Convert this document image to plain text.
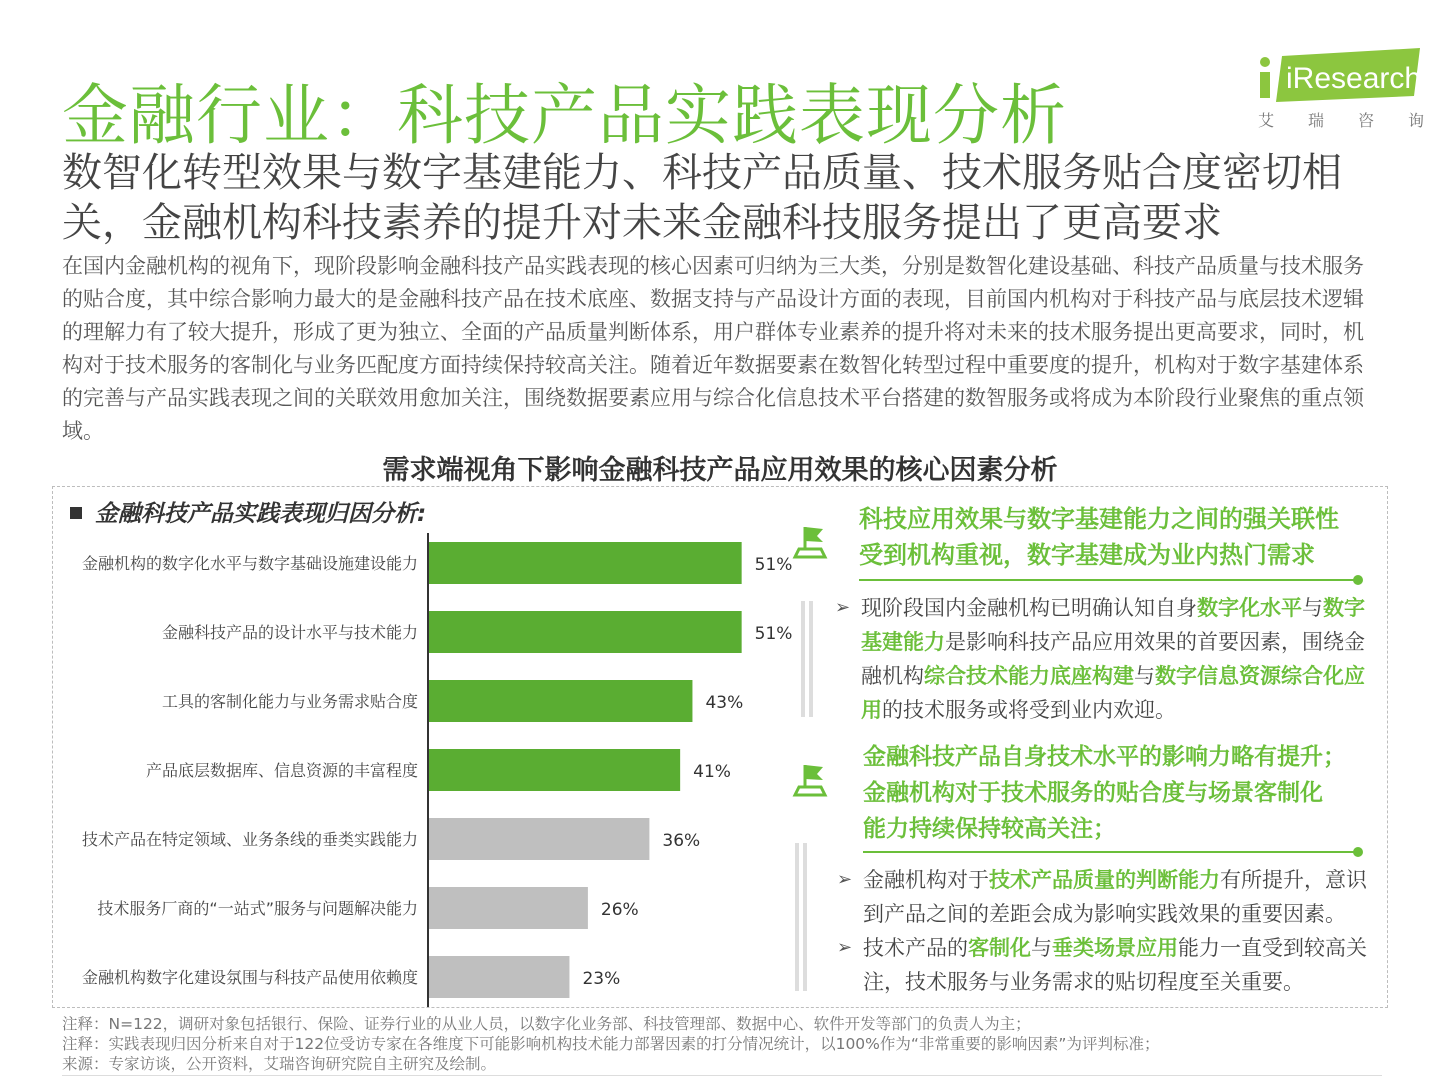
金融行业：科技产品实践表现分析	iResearch
艾 瑞 咨 询
数智化转型效果与数字基建能力、科技产品质量、技术服务贴合度密切相关，金融机构科技素养的提升对未来金融科技服务提出了更高要求

在国内金融机构的视角下，现阶段影响金融科技产品实践表现的核心因素可归纳为三大类，分别是数智化建设基础、科技产品质量与技术服务的贴合度，其中综合影响力最大的是金融科技产品在技术底座、数据支持与产品设计方面的表现，目前国内机构对于科技产品与底层技术逻辑的理解力有了较大提升，形成了更为独立、全面的产品质量判断体系，用户群体专业素养的提升将对未来的技术服务提出更高要求，同时，机构对于技术服务的客制化与业务匹配度方面持续保持较高关注。随着近年数据要素在数智化转型过程中重要度的提升，机构对于数字基建体系的完善与产品实践表现之间的关联效用愈加关注，围绕数据要素应用与综合化信息技术平台搭建的数智服务或将成为本阶段行业聚焦的重点领域。

需求端视角下影响金融科技产品应用效果的核心因素分析
金融科技产品实践表现归因分析:
金融机构的数字化水平与数字基础设施建设能力	51%
金融科技产品的设计水平与技术能力	51%
工具的客制化能力与业务需求贴合度	43%
产品底层数据库、信息资源的丰富程度	41%
技术产品在特定领域、业务条线的垂类实践能力	36%
技术服务厂商的“一站式”服务与问题解决能力	26%
金融机构数字化建设氛围与科技产品使用依赖度	23%
科技应用效果与数字基建能力之间的强关联性
受到机构重视，数字基建成为业内热门需求
➢ 现阶段国内金融机构已明确认知自身数字化水平与数字基建能力是影响科技产品应用效果的首要因素，围绕金融机构综合技术能力底座构建与数字信息资源综合化应用的技术服务或将受到业内欢迎。
金融科技产品自身技术水平的影响力略有提升；
金融机构对于技术服务的贴合度与场景客制化
能力持续保持较高关注；
➢ 金融机构对于技术产品质量的判断能力有所提升，意识到产品之间的差距会成为影响实践效果的重要因素。
➢ 技术产品的客制化与垂类场景应用能力一直受到较高关注，技术服务与业务需求的贴切程度至关重要。
注释：N=122，调研对象包括银行、保险、证券行业的从业人员，以数字化业务部、科技管理部、数据中心、软件开发等部门的负责人为主；
注释：实践表现归因分析来自对于122位受访专家在各维度下可能影响机构技术能力部署因素的打分情况统计，以100%作为“非常重要的影响因素”为评判标准；
来源：专家访谈，公开资料，艾瑞咨询研究院自主研究及绘制。
